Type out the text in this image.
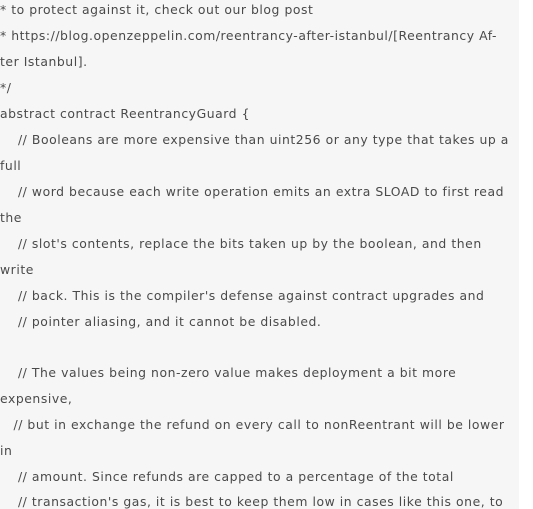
* to protect against it, check out our blog post
* https://blog.openzeppelin.com/reentrancy-after-istanbul/[Reentrancy Af-
ter Istanbul].
*/
abstract contract ReentrancyGuard {
// Booleans are more expensive than uint256 or any type that takes up a
full
// word because each write operation emits an extra SLOAD to first read
the
// slot's contents, replace the bits taken up by the boolean, and then
write
// back. This is the compiler's defense against contract upgrades and
// pointer aliasing, and it cannot be disabled.
// The values being non-zero value makes deployment a bit more
expensive,
// but in exchange the refund on every call to nonReentrant will be lower
in
// amount. Since refunds are capped to a percentage of the total
// transaction's gas, it is best to keep them low in cases like this one, to
